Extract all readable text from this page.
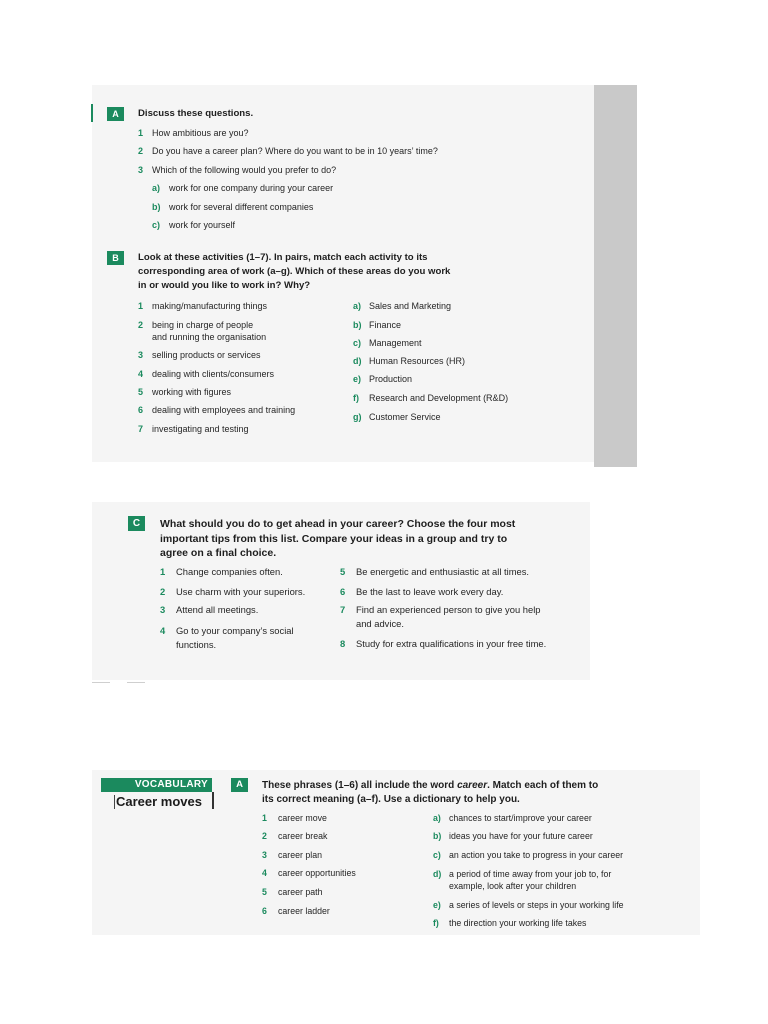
A	Discuss these questions.
1 How ambitious are you?
2 Do you have a career plan? Where do you want to be in 10 years’ time?
3 Which of the following would you prefer to do?
a) work for one company during your career
b) work for several different companies
c) work for yourself
B	Look at these activities (1–7). In pairs, match each activity to its
corresponding area of work (a–g). Which of these areas do you work
in or would you like to work in? Why?
1 making/manufacturing things
2 being in charge of people
and running the organisation
3 selling products or services
4 dealing with clients/consumers
5 working with figures
6 dealing with employees and training
7 investigating and testing
a) Sales and Marketing
b) Finance
c) Management
d) Human Resources (HR)
e) Production
f) Research and Development (R&D)
g) Customer Service
C	What should you do to get ahead in your career? Choose the four most
important tips from this list. Compare your ideas in a group and try to
agree on a final choice.
1 Change companies often.
2 Use charm with your superiors.
3 Attend all meetings.
4 Go to your company’s social
functions.
5 Be energetic and enthusiastic at all times.
6 Be the last to leave work every day.
7 Find an experienced person to give you help
and advice.
8 Study for extra qualifications in your free time.
VOCABULARY
Career moves
A	These phrases (1–6) all include the word career. Match each of them to
its correct meaning (a–f). Use a dictionary to help you.
1 career move
2 career break
3 career plan
4 career opportunities
5 career path
6 career ladder
a) chances to start/improve your career
b) ideas you have for your future career
c) an action you take to progress in your career
d) a period of time away from your job to, for
example, look after your children
e) a series of levels or steps in your working life
f) the direction your working life takes
